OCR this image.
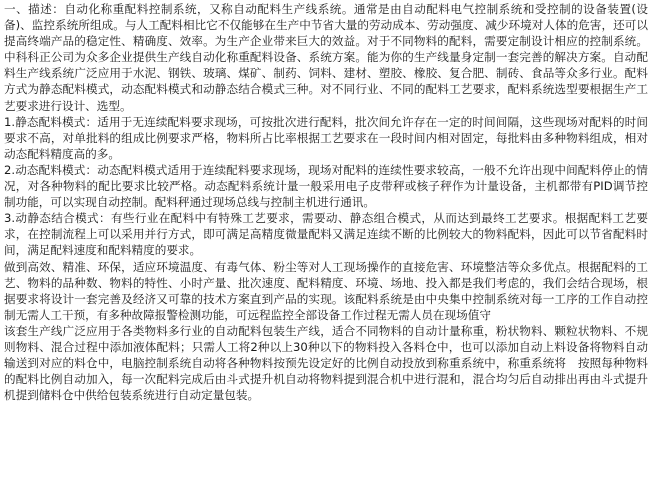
一、描述：自动化称重配料控制系统，又称自动配料生产线系统。通常是由自动配料电气控制系统和受控制的设备装置(设备)、监控系统所组成。与人工配料相比它不仅能够在生产中节省大量的劳动成本、劳动强度、减少环境对人体的危害，还可以提高终端产品的稳定性、精确度、效率。为生产企业带来巨大的效益。对于不同物料的配料，需要定制设计相应的控制系统。中科科正公司为众多企业提供生产线自动化称重配料设备、系统方案。能为你的生产线量身定制一套完善的解决方案。自动配料生产线系统广泛应用于水泥、钢铁、玻璃、煤矿、制药、饲料、建材、塑胶、橡胶、复合肥、制砖、食品等众多行业。配料方式为静态配料模式，动态配料模式和动静态结合模式三种。对不同行业、不同的配料工艺要求，配料系统选型要根据生产工艺要求进行设计、选型。

1.静态配料模式：适用于无连续配料要求现场，可按批次进行配料，批次间允许存在一定的时间间隔，这些现场对配料的时间要求不高，对单批料的组成比例要求严格，物料所占比率根据工艺要求在一段时间内相对固定，每批料由多种物料组成，相对动态配料精度高的多。

2.动态配料模式：动态配料模式适用于连续配料要求现场，现场对配料的连续性要求较高，一般不允许出现中间配料停止的情况，对各种物料的配比要求比较严格。动态配料系统计量一般采用电子皮带秤或核子秤作为计量设备，主机都带有PID调节控制功能，可以实现自动控制。配料秤通过现场总线与控制主机进行通讯。

3.动静态结合模式：有些行业在配料中有特殊工艺要求，需要动、静态组合模式，从而达到最终工艺要求。根据配料工艺要求，在控制流程上可以采用并行方式，即可满足高精度微量配料又满足连续不断的比例较大的物料配料，因此可以节省配料时间，满足配料速度和配料精度的要求。

做到高效、精准、环保，适应环境温度、有毒气体、粉尘等对人工现场操作的直接危害、环境整洁等众多优点。根据配料的工艺、物料的品种数、物料的特性、小时产量、批次速度、配料精度、环境、场地、投入都是我们考虑的，我们会结合现场，根据要求将设计一套完善及经济又可靠的技术方案直到产品的实现。该配料系统是由中央集中控制系统对每一工序的工作自动控制无需人工干预，有多种故障报警检测功能，可远程监控全部设备工作过程无需人员在现场值守

该套生产线广泛应用于各类物料多行业的自动配料包装生产线，适合不同物料的自动计量称重，粉状物料、颗粒状物料、不规则物料、混合过程中添加液体配料；只需人工将2种以上30种以下的物料投入各料仓中，也可以添加自动上料设备将物料自动输送到对应的料仓中，电脑控制系统自动将各种物料按预先设定好的比例自动投放到称重系统中，称重系统将　按照每种物料的配料比例自动加入，每一次配料完成后由斗式提升机自动将物料提到混合机中进行混和，混合均匀后自动排出再由斗式提升机提到储料仓中供给包装系统进行自动定量包装。
